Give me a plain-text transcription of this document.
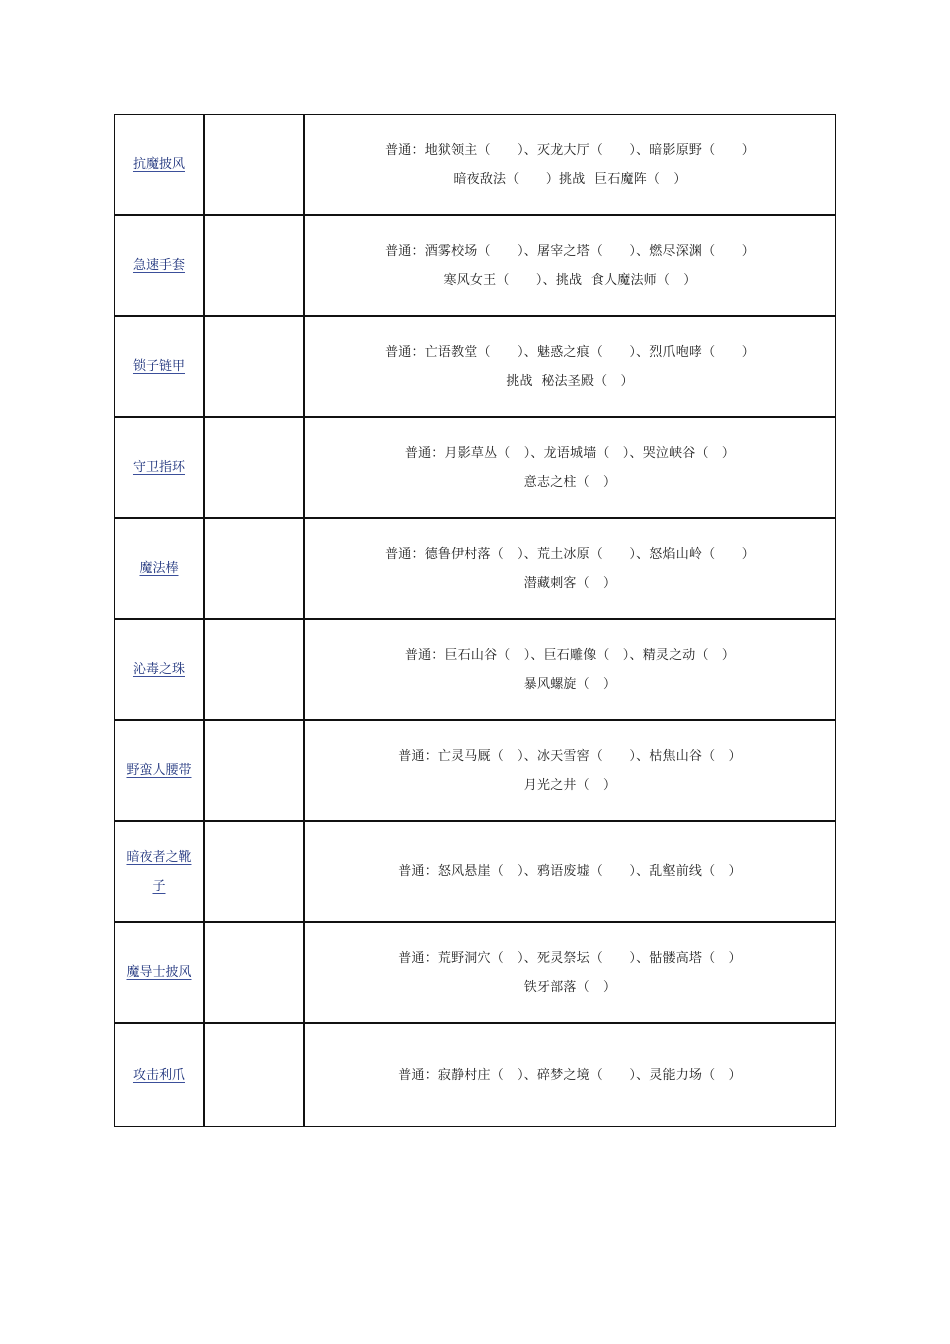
抗魔披风		普通：地狱领主（　　）、灭龙大厅（　　）、暗影原野（　　）
暗夜敌法（　　）挑战  巨石魔阵（　）

急速手套		普通：酒雾校场（　　）、屠宰之塔（　　）、燃尽深渊（　　）
寒风女王（　　）、挑战  食人魔法师（　）

锁子链甲		普通：亡语教堂（　　）、魅惑之痕（　　）、烈爪咆哮（　　）
挑战  秘法圣殿（　）

守卫指环		普通：月影草丛（　）、龙语城墙（　）、哭泣峡谷（　）
意志之柱（　）

魔法棒		普通：德鲁伊村落（　）、荒土冰原（　　）、怒焰山岭（　　）
潜藏刺客（　）

沁毒之珠		普通：巨石山谷（　）、巨石雕像（　）、精灵之动（　）
暴风螺旋（　）

野蛮人腰带		普通：亡灵马厩（　）、冰天雪窖（　　）、枯焦山谷（　）
月光之井（　）

暗夜者之靴子		普通：怒风悬崖（　）、鸦语废墟（　　）、乱壑前线（　）

魔导士披风		普通：荒野洞穴（　）、死灵祭坛（　　）、骷髅高塔（　）
铁牙部落（　）

攻击利爪		普通：寂静村庄（　）、碎梦之境（　　）、灵能力场（　）
